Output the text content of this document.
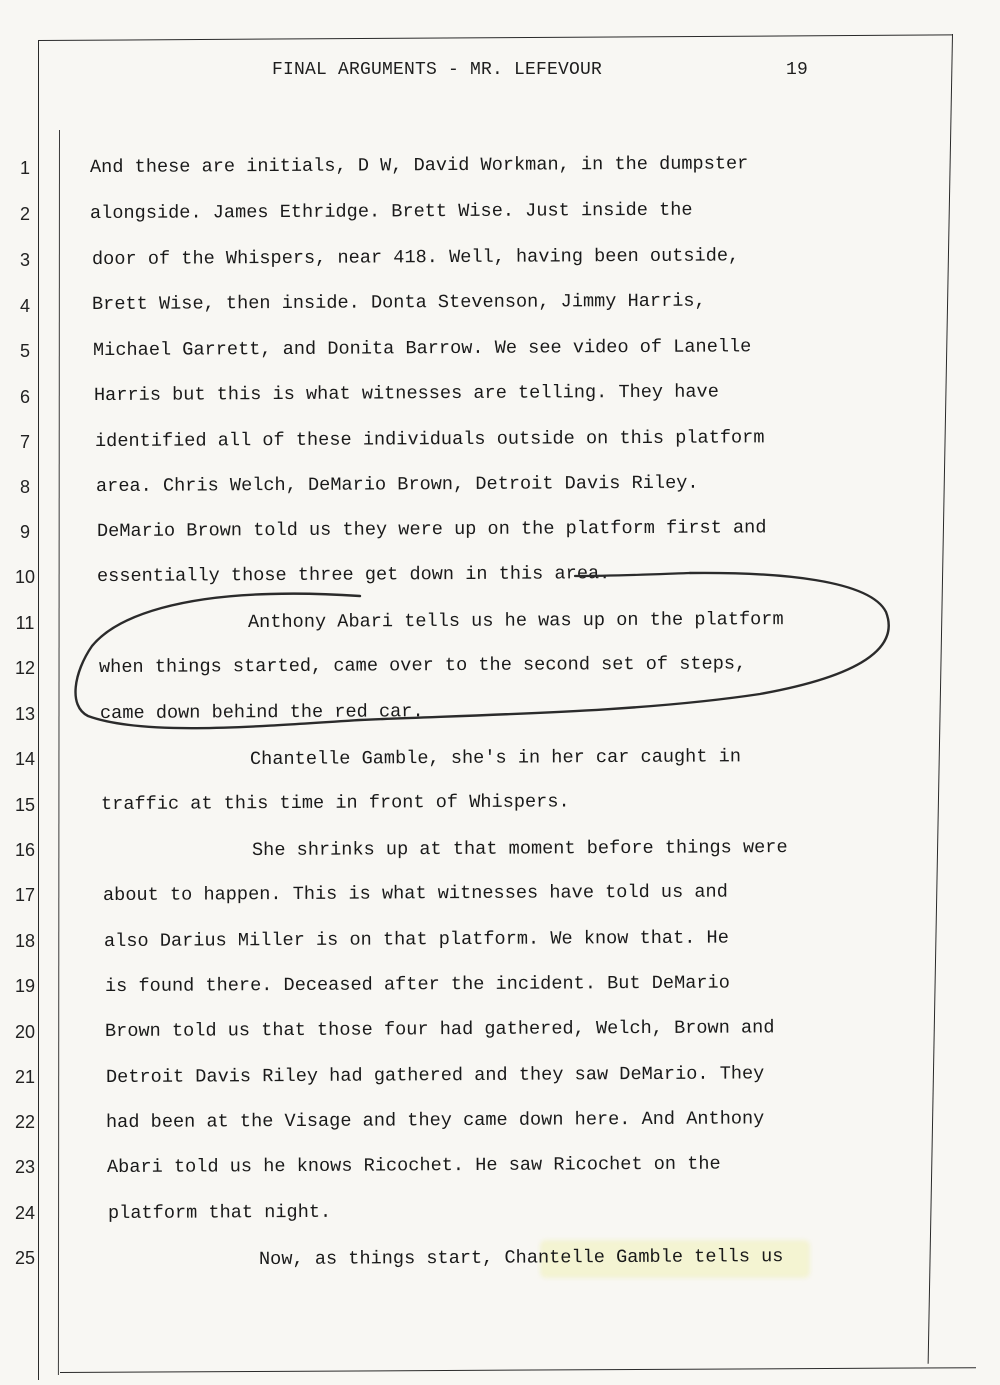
FINAL ARGUMENTS - MR. LEFEVOUR	19
1
2
3
4
5
6
7
8
9
10
11
12
13
14
15
16
17
18
19
20
21
22
23
24
25
And these are initials, D W, David Workman, in the dumpster
alongside. James Ethridge. Brett Wise. Just inside the
door of the Whispers, near 418. Well, having been outside,
Brett Wise, then inside. Donta Stevenson, Jimmy Harris,
Michael Garrett, and Donita Barrow. We see video of Lanelle
Harris but this is what witnesses are telling. They have
identified all of these individuals outside on this platform
area. Chris Welch, DeMario Brown, Detroit Davis Riley.
DeMario Brown told us they were up on the platform first and
essentially those three get down in this area.
Anthony Abari tells us he was up on the platform
when things started, came over to the second set of steps,
came down behind the red car.
Chantelle Gamble, she's in her car caught in
traffic at this time in front of Whispers.
She shrinks up at that moment before things were
about to happen. This is what witnesses have told us and
also Darius Miller is on that platform. We know that. He
is found there. Deceased after the incident. But DeMario
Brown told us that those four had gathered, Welch, Brown and
Detroit Davis Riley had gathered and they saw DeMario. They
had been at the Visage and they came down here. And Anthony
Abari told us he knows Ricochet. He saw Ricochet on the
platform that night.
Now, as things start, Chantelle Gamble tells us
